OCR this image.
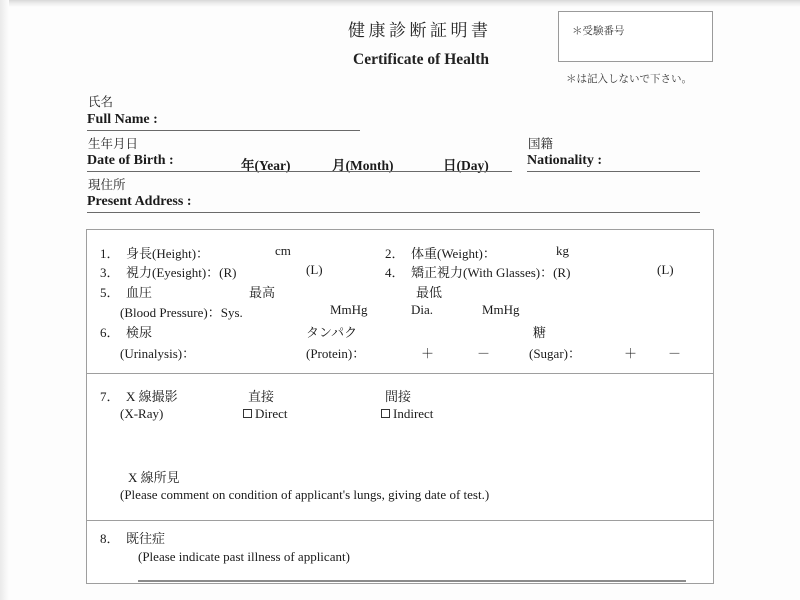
健康診断証明書
Certificate of Health
＊受験番号
＊は記入しないで下さい。
氏名
Full Name :
生年月日
Date of Birth :	年(Year)	月(Month)	日(Day)
国籍
Nationality :
現住所
Present Address :
1． 身長(Height)：	cm	2． 体重(Weight)：	kg
3． 視力(Eyesight)：(R)	(L)	4． 矯正視力(With Glasses)：(R)	(L)
5． 血圧	最高	最低
(Blood Pressure)：Sys.	MmHg	Dia.	MmHg
6． 検尿	タンパク	糖
(Urinalysis)：	(Protein)：	＋	－	(Sugar)：	＋ －
7． X 線撮影	直接	間接
(X‑Ray)	Direct	Indirect
X 線所見
(Please comment on condition of applicant's lungs, giving date of test.)
8． 既往症
(Please indicate past illness of applicant)
